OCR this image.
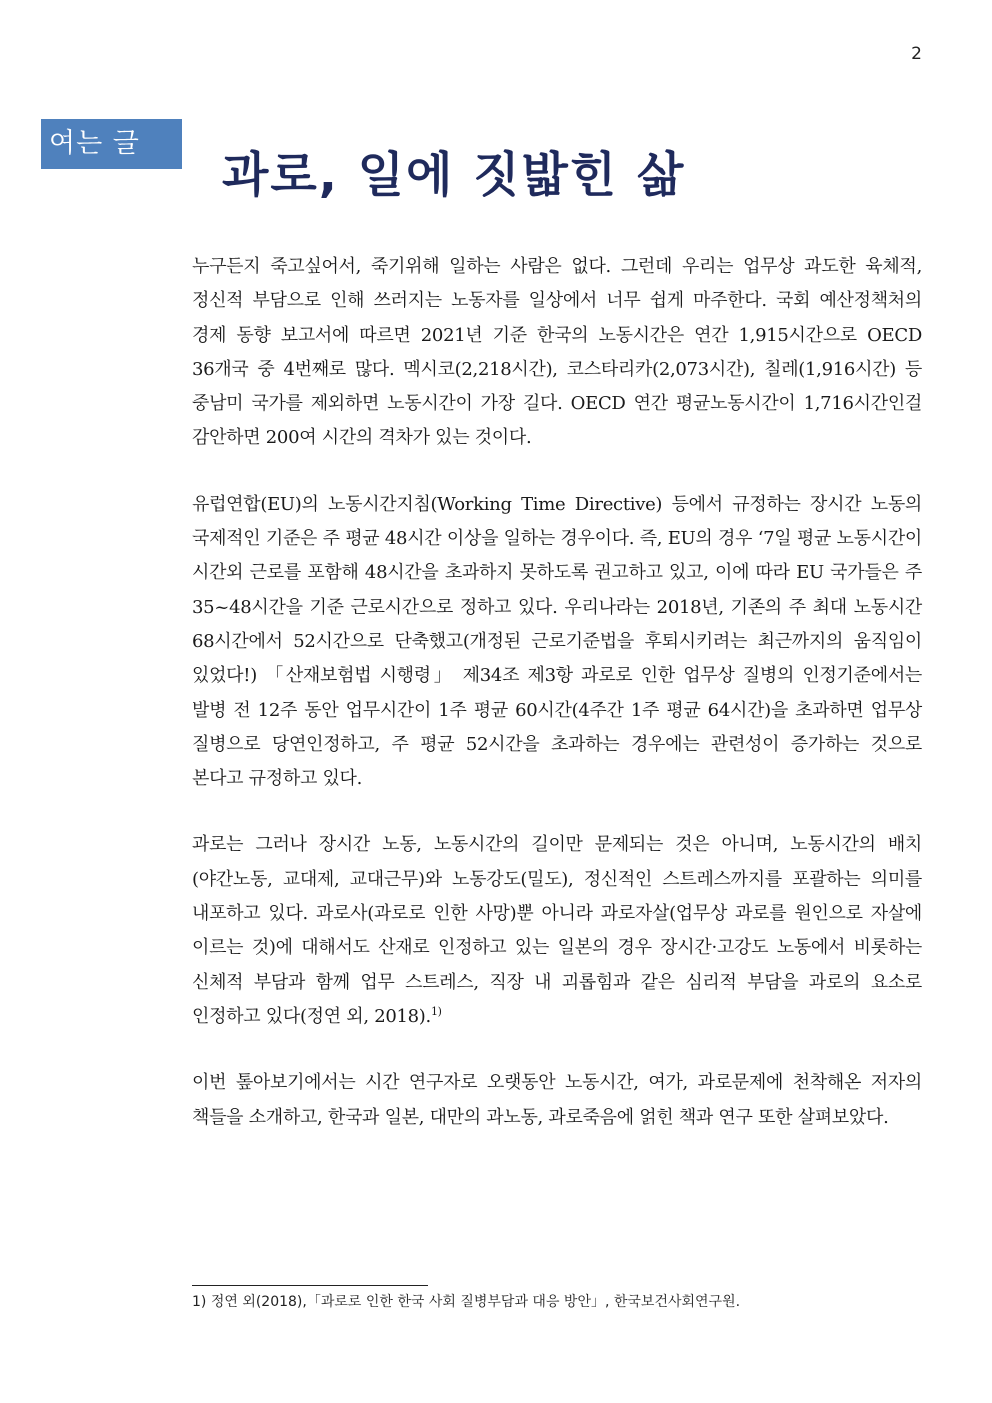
2
여는 글
과로, 일에 짓밟힌 삶

누구든지 죽고싶어서, 죽기위해 일하는 사람은 없다. 그런데 우리는 업무상 과도한 육체적, 정신적 부담으로 인해 쓰러지는 노동자를 일상에서 너무 쉽게 마주한다. 국회 예산정책처의 경제 동향 보고서에 따르면 2021년 기준 한국의 노동시간은 연간 1,915시간으로 OECD 36개국 중 4번째로 많다. 멕시코(2,218시간), 코스타리카(2,073시간), 칠레(1,916시간) 등 중남미 국가를 제외하면 노동시간이 가장 길다. OECD 연간 평균노동시간이 1,716시간인걸 감안하면 200여 시간의 격차가 있는 것이다.

유럽연합(EU)의 노동시간지침(Working Time Directive) 등에서 규정하는 장시간 노동의 국제적인 기준은 주 평균 48시간 이상을 일하는 경우이다. 즉, EU의 경우 ‘7일 평균 노동시간이 시간외 근로를 포함해 48시간을 초과하지 못하도록 권고하고 있고, 이에 따라 EU 국가들은 주 35~48시간을 기준 근로시간으로 정하고 있다. 우리나라는 2018년, 기존의 주 최대 노동시간 68시간에서 52시간으로 단축했고(개정된 근로기준법을 후퇴시키려는 최근까지의 움직임이 있었다!) 「산재보험법 시행령」 제34조 제3항 과로로 인한 업무상 질병의 인정기준에서는 발병 전 12주 동안 업무시간이 1주 평균 60시간(4주간 1주 평균 64시간)을 초과하면 업무상 질병으로 당연인정하고, 주 평균 52시간을 초과하는 경우에는 관련성이 증가하는 것으로 본다고 규정하고 있다.

과로는 그러나 장시간 노동, 노동시간의 길이만 문제되는 것은 아니며, 노동시간의 배치(야간노동, 교대제, 교대근무)와 노동강도(밀도), 정신적인 스트레스까지를 포괄하는 의미를 내포하고 있다. 과로사(과로로 인한 사망)뿐 아니라 과로자살(업무상 과로를 원인으로 자살에 이르는 것)에 대해서도 산재로 인정하고 있는 일본의 경우 장시간·고강도 노동에서 비롯하는 신체적 부담과 함께 업무 스트레스, 직장 내 괴롭힘과 같은 심리적 부담을 과로의 요소로 인정하고 있다(정연 외, 2018).$^{1)}$

이번 톺아보기에서는 시간 연구자로 오랫동안 노동시간, 여가, 과로문제에 천착해온 저자의 책들을 소개하고, 한국과 일본, 대만의 과노동, 과로죽음에 얽힌 책과 연구 또한 살펴보았다.

1) 정연 외(2018),「과로로 인한 한국 사회 질병부담과 대응 방안」, 한국보건사회연구원.
